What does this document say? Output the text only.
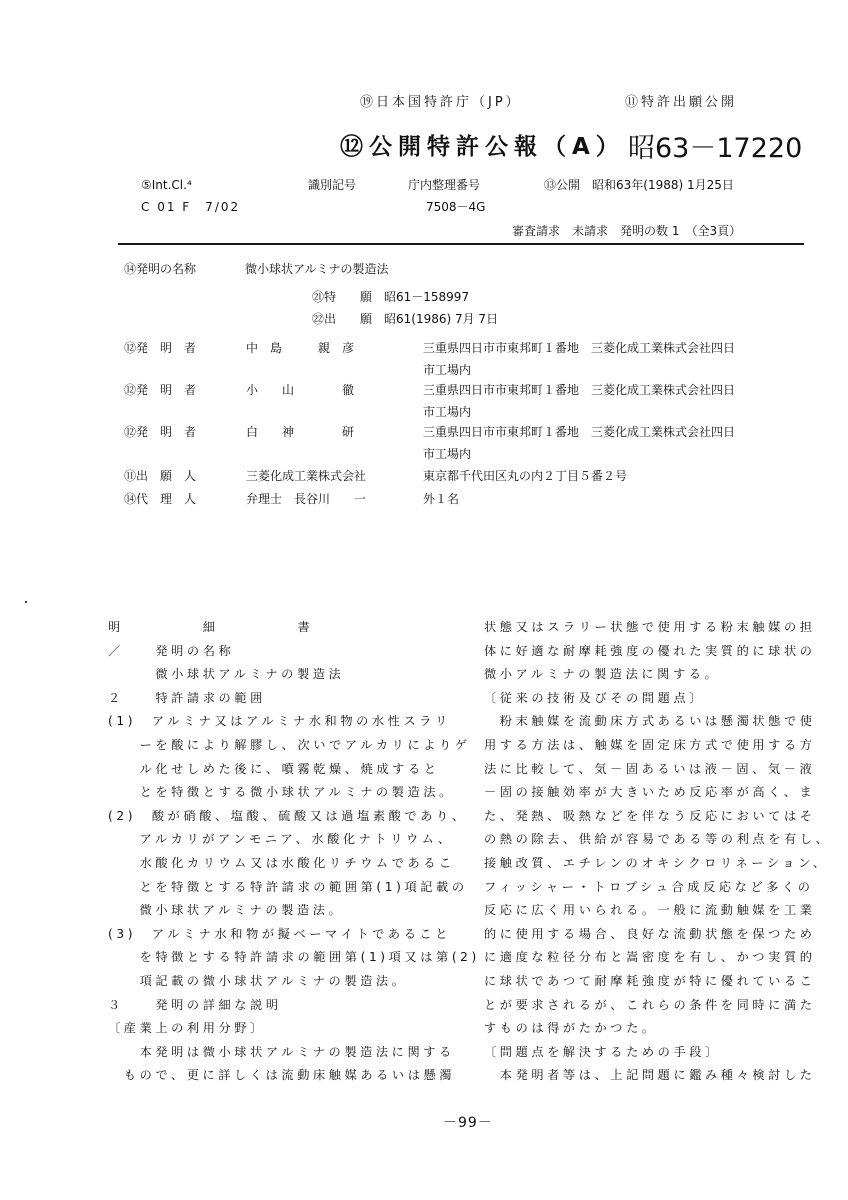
⑲日本国特許庁（JP）	⑪特許出願公開
⑫公開特許公報（A） 昭63－17220
⑤Int.Cl.⁴
C 01 F　7/02
識別記号	庁内整理番号
7508－4G
⑬公開　昭和63年(1988) 1月25日
審査請求　未請求　発明の数 1　（全3頁）
⑭発明の名称	微小球状アルミナの製造法
㉑特　　願　昭61－158997
㉒出　　願　昭61(1986) 7月 7日
⑫発　明　者	中　島　　　親　彦	三重県四日市市東邦町１番地　三菱化成工業株式会社四日
市工場内
⑫発　明　者	小　　山　　　　徹	三重県四日市市東邦町１番地　三菱化成工業株式会社四日
市工場内
⑫発　明　者	白　　神　　　　研	三重県四日市市東邦町１番地　三菱化成工業株式会社四日
市工場内
⑪出　願　人	三菱化成工業株式会社	東京都千代田区丸の内２丁目５番２号
⑭代　理　人	弁理士　長谷川　　一	外１名
明　　　　　細　　　　　書
／　　発明の名称
　　　微小球状アルミナの製造法
２　　特許請求の範囲
(1)　アルミナ又はアルミナ水和物の水性スラリ
　　ーを酸により解膠し、次いでアルカリによりゲ
　　ル化せしめた後に、噴霧乾燥、焼成すると
　　とを特徴とする微小球状アルミナの製造法。
(2)　酸が硝酸、塩酸、硫酸又は過塩素酸であり、
　　アルカリがアンモニア、水酸化ナトリウム、
　　水酸化カリウム又は水酸化リチウムであるこ
　　とを特徴とする特許請求の範囲第(1)項記載の
　　微小球状アルミナの製造法。
(3)　アルミナ水和物が擬ベーマイトであること
　　を特徴とする特許請求の範囲第(1)項又は第(2)
　　項記載の微小球状アルミナの製造法。
３　　発明の詳細な説明
〔産業上の利用分野〕
　　本発明は微小球状アルミナの製造法に関する
　もので、更に詳しくは流動床触媒あるいは懸濁
状態又はスラリー状態で使用する粉末触媒の担
体に好適な耐摩耗強度の優れた実質的に球状の
微小アルミナの製造法に関する。
〔従来の技術及びその問題点〕
　粉末触媒を流動床方式あるいは懸濁状態で使
用する方法は、触媒を固定床方式で使用する方
法に比較して、気－固あるいは液－固、気－液
－固の接触効率が大きいため反応率が高く、ま
た、発熱、吸熱などを伴なう反応においてはそ
の熱の除去、供給が容易である等の利点を有し、
接触改質、エチレンのオキシクロリネーション、
フィッシャー・トロプシュ合成反応など多くの
反応に広く用いられる。一般に流動触媒を工業
的に使用する場合、良好な流動状態を保つため
に適度な粒径分布と嵩密度を有し、かつ実質的
に球状であつて耐摩耗強度が特に優れているこ
とが要求されるが、これらの条件を同時に満た
すものは得がたかつた。
〔問題点を解決するための手段〕
　本発明者等は、上記問題に鑑み種々検討した
－99－
